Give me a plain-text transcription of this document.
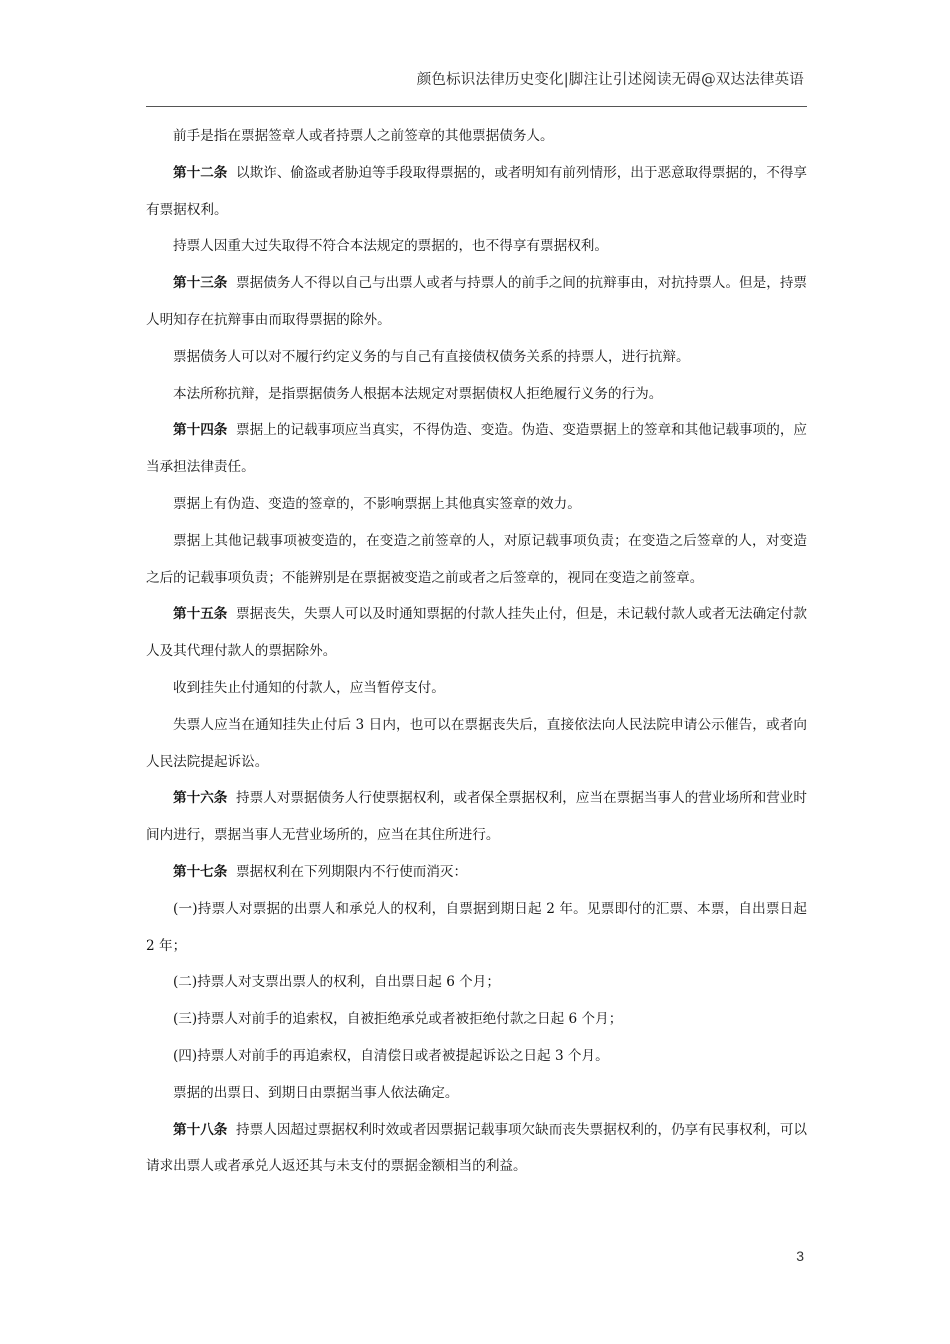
颜色标识法律历史变化|脚注让引述阅读无碍@双达法律英语

前手是指在票据签章人或者持票人之前签章的其他票据债务人。

第十二条 以欺诈、偷盗或者胁迫等手段取得票据的，或者明知有前列情形，出于恶意取得票据的，不得享有票据权利。

持票人因重大过失取得不符合本法规定的票据的，也不得享有票据权利。

第十三条 票据债务人不得以自己与出票人或者与持票人的前手之间的抗辩事由，对抗持票人。但是，持票人明知存在抗辩事由而取得票据的除外。

票据债务人可以对不履行约定义务的与自己有直接债权债务关系的持票人，进行抗辩。

本法所称抗辩，是指票据债务人根据本法规定对票据债权人拒绝履行义务的行为。

第十四条 票据上的记载事项应当真实，不得伪造、变造。伪造、变造票据上的签章和其他记载事项的，应当承担法律责任。

票据上有伪造、变造的签章的，不影响票据上其他真实签章的效力。

票据上其他记载事项被变造的，在变造之前签章的人，对原记载事项负责；在变造之后签章的人，对变造之后的记载事项负责；不能辨别是在票据被变造之前或者之后签章的，视同在变造之前签章。

第十五条 票据丧失，失票人可以及时通知票据的付款人挂失止付，但是，未记载付款人或者无法确定付款人及其代理付款人的票据除外。

收到挂失止付通知的付款人，应当暂停支付。

失票人应当在通知挂失止付后 3 日内，也可以在票据丧失后，直接依法向人民法院申请公示催告，或者向人民法院提起诉讼。

第十六条 持票人对票据债务人行使票据权利，或者保全票据权利，应当在票据当事人的营业场所和营业时间内进行，票据当事人无营业场所的，应当在其住所进行。

第十七条 票据权利在下列期限内不行使而消灭：

(一)持票人对票据的出票人和承兑人的权利，自票据到期日起 2 年。见票即付的汇票、本票，自出票日起 2 年；

(二)持票人对支票出票人的权利，自出票日起 6 个月；

(三)持票人对前手的追索权，自被拒绝承兑或者被拒绝付款之日起 6 个月；

(四)持票人对前手的再追索权，自清偿日或者被提起诉讼之日起 3 个月。

票据的出票日、到期日由票据当事人依法确定。

第十八条 持票人因超过票据权利时效或者因票据记载事项欠缺而丧失票据权利的，仍享有民事权利，可以请求出票人或者承兑人返还其与未支付的票据金额相当的利益。

3
